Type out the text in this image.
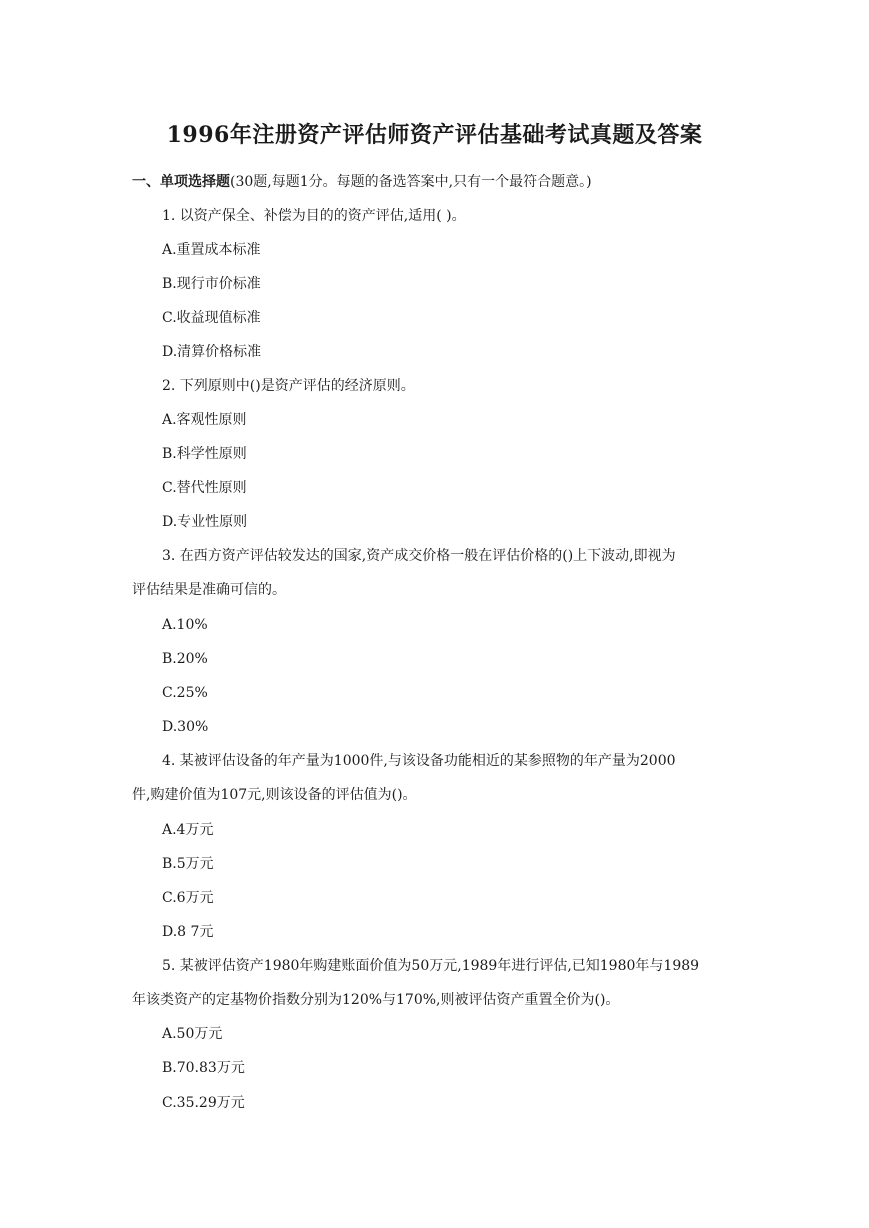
1996年注册资产评估师资产评估基础考试真题及答案
一、单项选择题(30题,每题1分。每题的备选答案中,只有一个最符合题意。)
1. 以资产保全、补偿为目的的资产评估,适用( )。
A.重置成本标准
B.现行市价标准
C.收益现值标准
D.清算价格标准
2. 下列原则中()是资产评估的经济原则。
A.客观性原则
B.科学性原则
C.替代性原则
D.专业性原则
3. 在西方资产评估较发达的国家,资产成交价格一般在评估价格的()上下波动,即视为
评估结果是准确可信的。
A.10%
B.20%
C.25%
D.30%
4. 某被评估设备的年产量为1000件,与该设备功能相近的某参照物的年产量为2000
件,购建价值为107元,则该设备的评估值为()。
A.4万元
B.5万元
C.6万元
D.8 7元
5. 某被评估资产1980年购建账面价值为50万元,1989年进行评估,已知1980年与1989
年该类资产的定基物价指数分别为120%与170%,则被评估资产重置全价为()。
A.50万元
B.70.83万元
C.35.29万元
